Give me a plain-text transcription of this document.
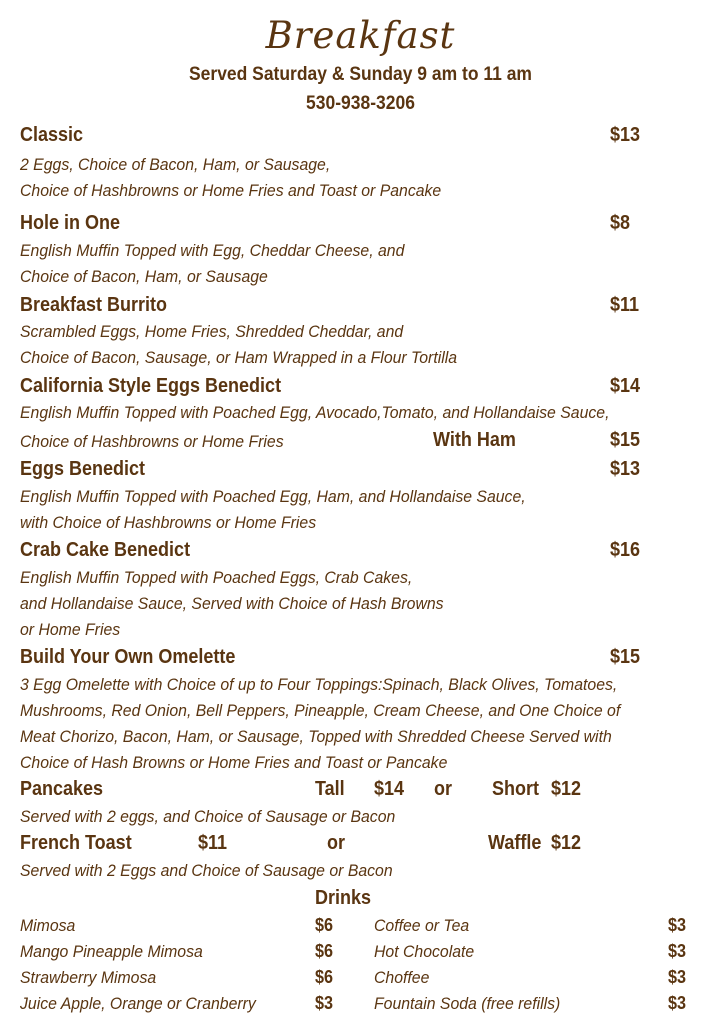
Breakfast
Served Saturday & Sunday 9 am to 11 am
530-938-3206
Classic	$13
2 Eggs, Choice of Bacon, Ham, or Sausage,
Choice of Hashbrowns or Home Fries and Toast or Pancake
Hole in One	$8
English Muffin Topped with Egg, Cheddar Cheese, and
Choice of Bacon, Ham, or Sausage
Breakfast Burrito	$11
Scrambled Eggs, Home Fries, Shredded Cheddar, and
Choice of Bacon, Sausage, or Ham Wrapped in a Flour Tortilla
California Style Eggs Benedict	$14
English Muffin Topped with Poached Egg, Avocado,Tomato, and Hollandaise Sauce,
Choice of Hashbrowns or Home Fries	With Ham	$15
Eggs Benedict	$13
English Muffin Topped with Poached Egg, Ham, and Hollandaise Sauce,
with Choice of Hashbrowns or Home Fries
Crab Cake Benedict	$16
English Muffin Topped with Poached Eggs, Crab Cakes,
and Hollandaise Sauce, Served with Choice of Hash Browns
or Home Fries
Build Your Own Omelette	$15
3 Egg Omelette with Choice of up to Four Toppings:Spinach, Black Olives, Tomatoes,
Mushrooms, Red Onion, Bell Peppers, Pineapple, Cream Cheese, and One Choice of
Meat Chorizo, Bacon, Ham, or Sausage, Topped with Shredded Cheese Served with
Choice of Hash Browns or Home Fries and Toast or Pancake
Pancakes	Tall $14 or Short $12
Served with 2 eggs, and Choice of Sausage or Bacon
French Toast	$11	or	Waffle $12
Served with 2 Eggs and Choice of Sausage or Bacon
Drinks
Mimosa	$6
Mango Pineapple Mimosa	$6
Strawberry Mimosa	$6
Juice Apple, Orange or Cranberry	$3
Coffee or Tea	$3
Hot Chocolate	$3
Choffee	$3
Fountain Soda (free refills)	$3
